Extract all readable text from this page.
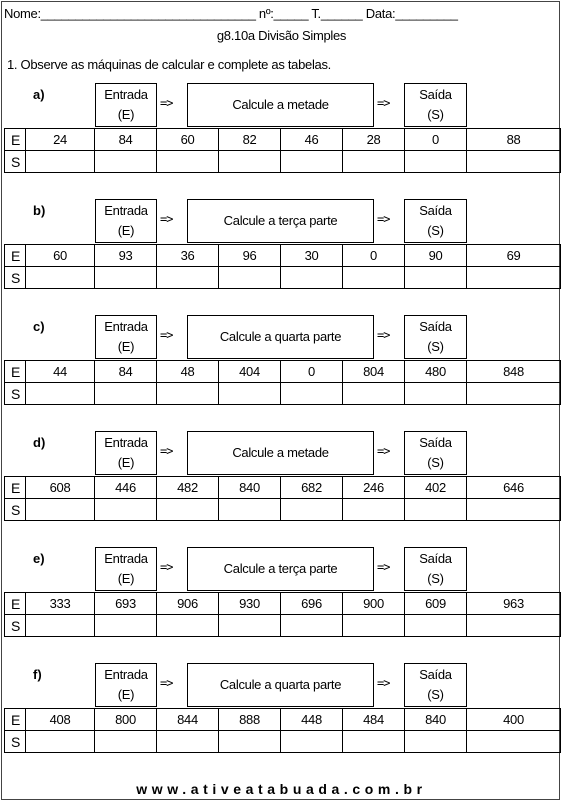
Nome:_______________________________ nº:_____ T.______ Data:_________
g8.10a Divisão Simples
1. Observe as máquinas de calcular e complete as tabelas.
a)	Entrada
(E)
=>	Calcule a metade	=>
Saída
(S)
E	24	84	60	82	46	28	0	88
S								
b)	Entrada
(E)
=>	Calcule a terça parte	=>
Saída
(S)
E	60	93	36	96	30	0	90	69
S								
c)	Entrada
(E)
=>	Calcule a quarta parte	=>
Saída
(S)
E	44	84	48	404	0	804	480	848
S								
d)	Entrada
(E)
=>	Calcule a metade	=>
Saída
(S)
E	608	446	482	840	682	246	402	646
S								
e)	Entrada
(E)
=>	Calcule a terça parte	=>
Saída
(S)
E	333	693	906	930	696	900	609	963
S								
f)	Entrada
(E)
=>	Calcule a quarta parte	=>
Saída
(S)
E	408	800	844	888	448	484	840	400
S								
www.ativeatabuada.com.br
